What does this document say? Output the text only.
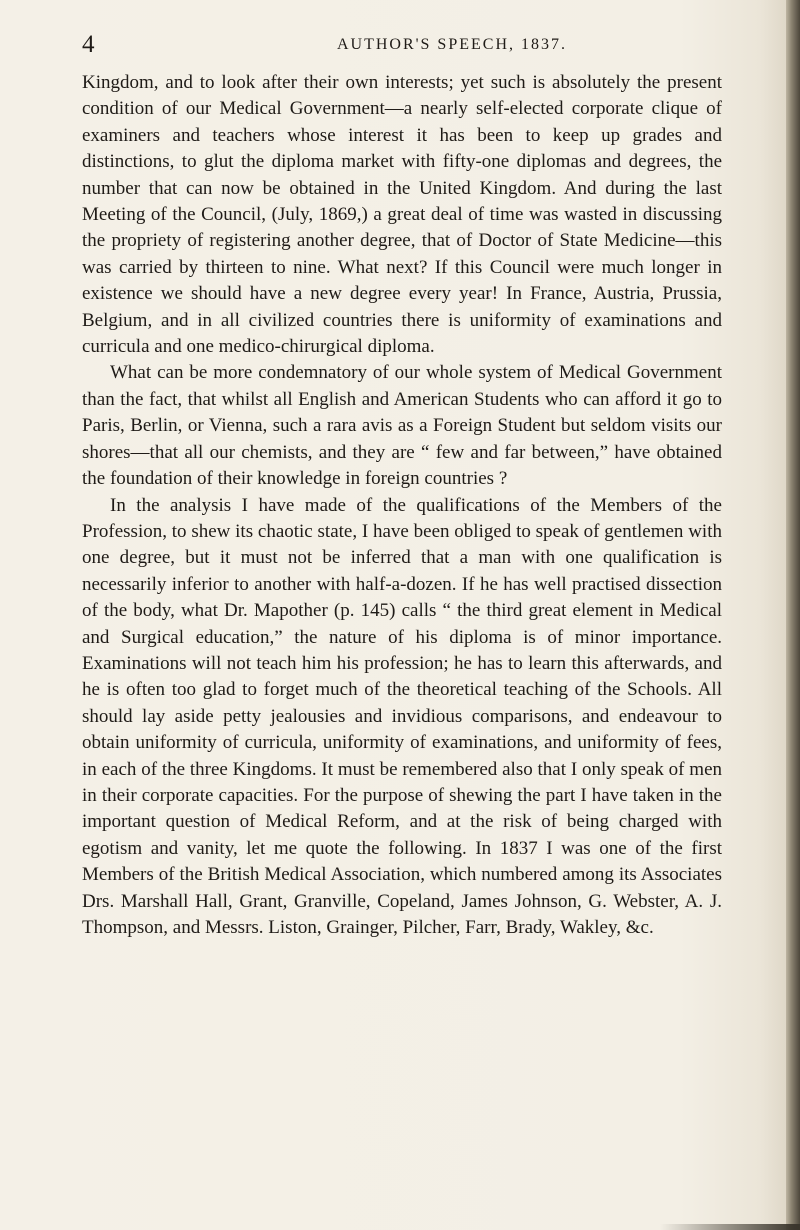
4	AUTHOR'S SPEECH, 1837.

Kingdom, and to look after their own interests; yet such is absolutely the present condition of our Medical Government—a nearly self-elected corporate clique of examiners and teachers whose interest it has been to keep up grades and distinctions, to glut the diploma market with fifty-one diplomas and degrees, the number that can now be obtained in the United Kingdom. And during the last Meeting of the Council, (July, 1869,) a great deal of time was wasted in discussing the propriety of registering another degree, that of Doctor of State Medicine—this was carried by thirteen to nine. What next? If this Council were much longer in existence we should have a new degree every year! In France, Austria, Prussia, Belgium, and in all civilized countries there is uniformity of examinations and curricula and one medico-chirurgical diploma.

What can be more condemnatory of our whole system of Medical Government than the fact, that whilst all English and American Students who can afford it go to Paris, Berlin, or Vienna, such a rara avis as a Foreign Student but seldom visits our shores—that all our chemists, and they are “ few and far between,” have obtained the foundation of their knowledge in foreign countries ?

In the analysis I have made of the qualifications of the Members of the Profession, to shew its chaotic state, I have been obliged to speak of gentlemen with one degree, but it must not be inferred that a man with one qualification is necessarily inferior to another with half-a-dozen. If he has well practised dissection of the body, what Dr. Mapother (p. 145) calls “ the third great element in Medical and Surgical education,” the nature of his diploma is of minor importance. Examinations will not teach him his profession; he has to learn this afterwards, and he is often too glad to forget much of the theoretical teaching of the Schools. All should lay aside petty jealousies and invidious comparisons, and endeavour to obtain uniformity of curricula, uniformity of examinations, and uniformity of fees, in each of the three Kingdoms. It must be remembered also that I only speak of men in their corporate capacities. For the purpose of shewing the part I have taken in the important question of Medical Reform, and at the risk of being charged with egotism and vanity, let me quote the following. In 1837 I was one of the first Members of the British Medical Association, which numbered among its Associates Drs. Marshall Hall, Grant, Granville, Copeland, James Johnson, G. Webster, A. J. Thompson, and Messrs. Liston, Grainger, Pilcher, Farr, Brady, Wakley, &c.
